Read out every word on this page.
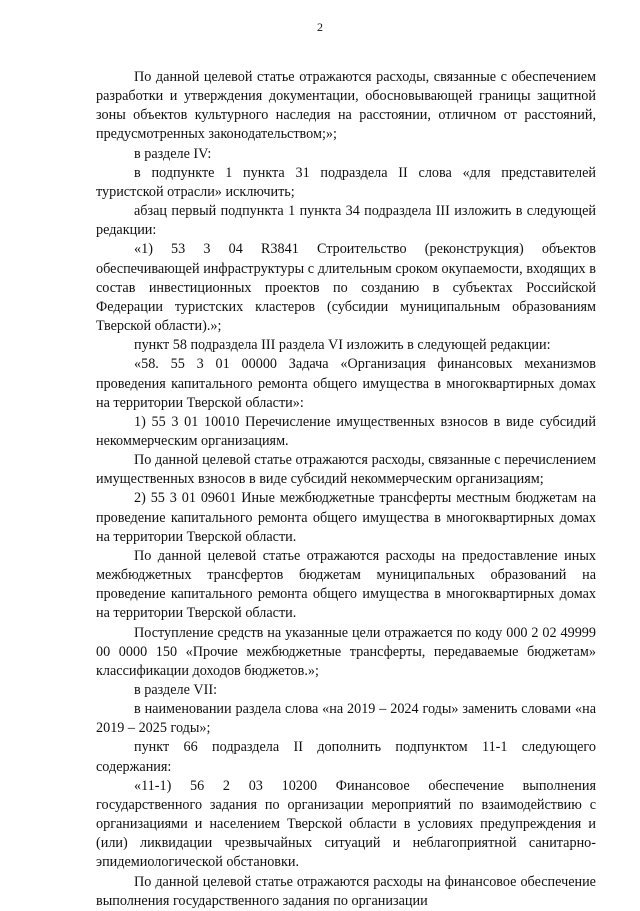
2

По данной целевой статье отражаются расходы, связанные с обеспечением разработки и утверждения документации, обосновывающей границы защитной зоны объектов культурного наследия на расстоянии, отличном от расстояний, предусмотренных законодательством;»;

в разделе IV:

в подпункте 1 пункта 31 подраздела II слова «для представителей туристской отрасли» исключить;

абзац первый подпункта 1 пункта 34 подраздела III изложить в следующей редакции:

«1) 53 3 04 R3841 Строительство (реконструкция) объектов обеспечивающей инфраструктуры с длительным сроком окупаемости, входящих в состав инвестиционных проектов по созданию в субъектах Российской Федерации туристских кластеров (субсидии муниципальным образованиям Тверской области).»;

пункт 58 подраздела III раздела VI изложить в следующей редакции:

«58. 55 3 01 00000 Задача «Организация финансовых механизмов проведения капитального ремонта общего имущества в многоквартирных домах на территории Тверской области»:

1) 55 3 01 10010 Перечисление имущественных взносов в виде субсидий некоммерческим организациям.

По данной целевой статье отражаются расходы, связанные с перечислением имущественных взносов в виде субсидий некоммерческим организациям;

2) 55 3 01 09601 Иные межбюджетные трансферты местным бюджетам на проведение капитального ремонта общего имущества в многоквартирных домах на территории Тверской области.

По данной целевой статье отражаются расходы на предоставление иных межбюджетных трансфертов бюджетам муниципальных образований на проведение капитального ремонта общего имущества в многоквартирных домах на территории Тверской области.

Поступление средств на указанные цели отражается по коду 000 2 02 49999 00 0000 150 «Прочие межбюджетные трансферты, передаваемые бюджетам» классификации доходов бюджетов.»;

в разделе VII:

в наименовании раздела слова «на 2019 – 2024 годы» заменить словами «на 2019 – 2025 годы»;

пункт 66 подраздела II дополнить подпунктом 11-1 следующего содержания:

«11-1) 56 2 03 10200 Финансовое обеспечение выполнения государственного задания по организации мероприятий по взаимодействию с организациями и населением Тверской области в условиях предупреждения и (или) ликвидации чрезвычайных ситуаций и неблагоприятной санитарно-эпидемиологической обстановки.

По данной целевой статье отражаются расходы на финансовое обеспечение выполнения государственного задания по организации
